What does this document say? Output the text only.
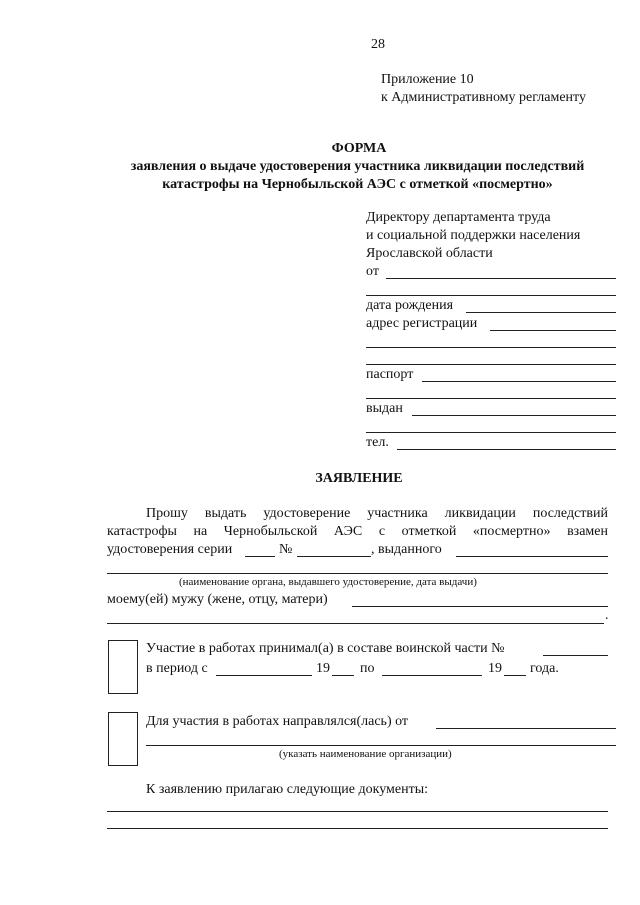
28
Приложение 10
к Административному регламенту
ФОРМА
заявления о выдаче удостоверения участника ликвидации последствий
катастрофы на Чернобыльской АЭС с отметкой «посмертно»
Директору департамента труда
и социальной поддержки населения
Ярославской области
от
дата рождения
адрес регистрации
паспорт
выдан
тел.
ЗАЯВЛЕНИЕ
Прошу выдать удостоверение участника ликвидации последствий
катастрофы на Чернобыльской АЭС с отметкой «посмертно» взамен
удостоверения серии	№	, выданного
(наименование органа, выдавшего удостоверение, дата выдачи)
моему(ей) мужу (жене, отцу, матери)
.
Участие в работах принимал(а) в составе воинской части №
в период с	19 по	19 года.
Для участия в работах направлялся(лась) от
(указать наименование организации)
К заявлению прилагаю следующие документы:
